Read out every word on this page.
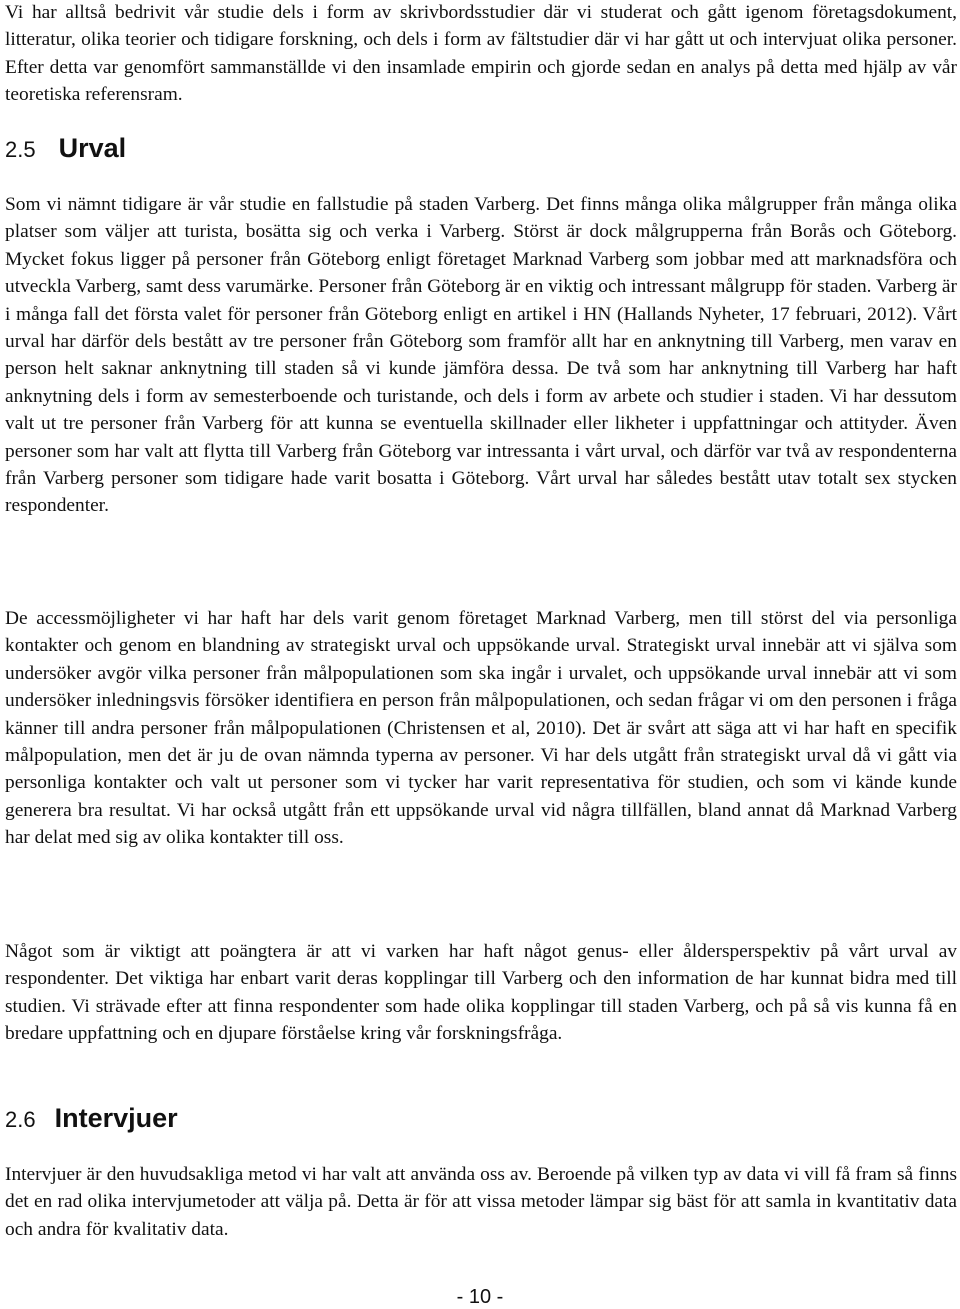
Vi har alltså bedrivit vår studie dels i form av skrivbordsstudier där vi studerat och gått igenom företagsdokument, litteratur, olika teorier och tidigare forskning, och dels i form av fältstudier där vi har gått ut och intervjuat olika personer. Efter detta var genomfört sammanställde vi den insamlade empirin och gjorde sedan en analys på detta med hjälp av vår teoretiska referensram.

2.5 Urval

Som vi nämnt tidigare är vår studie en fallstudie på staden Varberg. Det finns många olika målgrupper från många olika platser som väljer att turista, bosätta sig och verka i Varberg. Störst är dock målgrupperna från Borås och Göteborg. Mycket fokus ligger på personer från Göteborg enligt företaget Marknad Varberg som jobbar med att marknadsföra och utveckla Varberg, samt dess varumärke. Personer från Göteborg är en viktig och intressant målgrupp för staden. Varberg är i många fall det första valet för personer från Göteborg enligt en artikel i HN (Hallands Nyheter, 17 februari, 2012). Vårt urval har därför dels bestått av tre personer från Göteborg som framför allt har en anknytning till Varberg, men varav en person helt saknar anknytning till staden så vi kunde jämföra dessa. De två som har anknytning till Varberg har haft anknytning dels i form av semesterboende och turistande, och dels i form av arbete och studier i staden. Vi har dessutom valt ut tre personer från Varberg för att kunna se eventuella skillnader eller likheter i uppfattningar och attityder. Även personer som har valt att flytta till Varberg från Göteborg var intressanta i vårt urval, och därför var två av respondenterna från Varberg personer som tidigare hade varit bosatta i Göteborg. Vårt urval har således bestått utav totalt sex stycken respondenter.

De accessmöjligheter vi har haft har dels varit genom företaget Marknad Varberg, men till störst del via personliga kontakter och genom en blandning av strategiskt urval och uppsökande urval. Strategiskt urval innebär att vi själva som undersöker avgör vilka personer från målpopulationen som ska ingår i urvalet, och uppsökande urval innebär att vi som undersöker inledningsvis försöker identifiera en person från målpopulationen, och sedan frågar vi om den personen i fråga känner till andra personer från målpopulationen (Christensen et al, 2010). Det är svårt att säga att vi har haft en specifik målpopulation, men det är ju de ovan nämnda typerna av personer. Vi har dels utgått från strategiskt urval då vi gått via personliga kontakter och valt ut personer som vi tycker har varit representativa för studien, och som vi kände kunde generera bra resultat. Vi har också utgått från ett uppsökande urval vid några tillfällen, bland annat då Marknad Varberg har delat med sig av olika kontakter till oss.

Något som är viktigt att poängtera är att vi varken har haft något genus- eller åldersperspektiv på vårt urval av respondenter. Det viktiga har enbart varit deras kopplingar till Varberg och den information de har kunnat bidra med till studien. Vi strävade efter att finna respondenter som hade olika kopplingar till staden Varberg, och på så vis kunna få en bredare uppfattning och en djupare förståelse kring vår forskningsfråga.

2.6 Intervjuer

Intervjuer är den huvudsakliga metod vi har valt att använda oss av. Beroende på vilken typ av data vi vill få fram så finns det en rad olika intervjumetoder att välja på. Detta är för att vissa metoder lämpar sig bäst för att samla in kvantitativ data och andra för kvalitativ data.

- 10 -
